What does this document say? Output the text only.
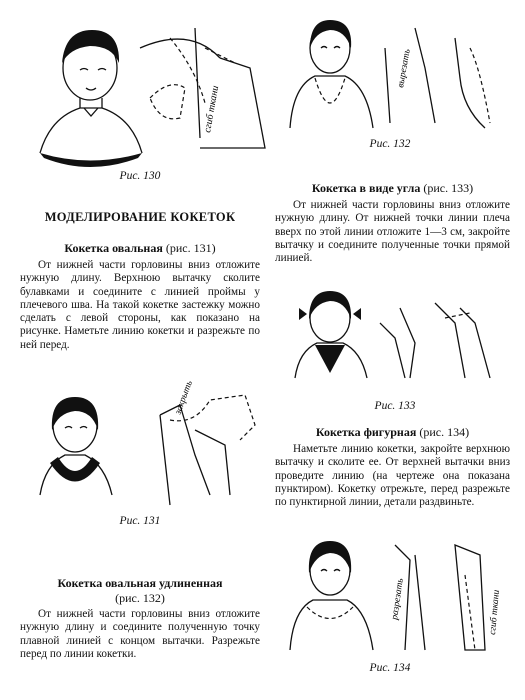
сгиб ткани
Рис. 130
МОДЕЛИРОВАНИЕ КОКЕТОК
Кокетка овальная (рис. 131)

От нижней части горловины вниз отложите нужную длину. Верхнюю вытачку сколите булавками и соедините с линией проймы у плечевого шва. На такой кокетке застежку можно сделать с левой стороны, как показано на рисунке. Наметьте линию кокетки и разрежьте по ней перед.

закрыть
Рис. 131
Кокетка овальная удлиненная
(рис. 132)

От нижней части горловины вниз отложите нужную длину и соедините полученную точку плавной линией с концом вытачки. Разрежьте перед по линии кокетки.

вырезать
Рис. 132
Кокетка в виде угла (рис. 133)

От нижней части горловины вниз отложите нужную длину. От нижней точки линии плеча вверх по этой линии отложите 1—3 см, закройте вытачку и соедините полученные точки прямой линией.

Рис. 133
Кокетка фигурная (рис. 134)

Наметьте линию кокетки, закройте верхнюю вытачку и сколите ее. От верхней вытачки вниз проведите линию (на чертеже она показана пунктиром). Кокетку отрежьте, перед разрежьте по пунктирной линии, детали раздвиньте.

разрезать	сгиб ткани
Рис. 134
